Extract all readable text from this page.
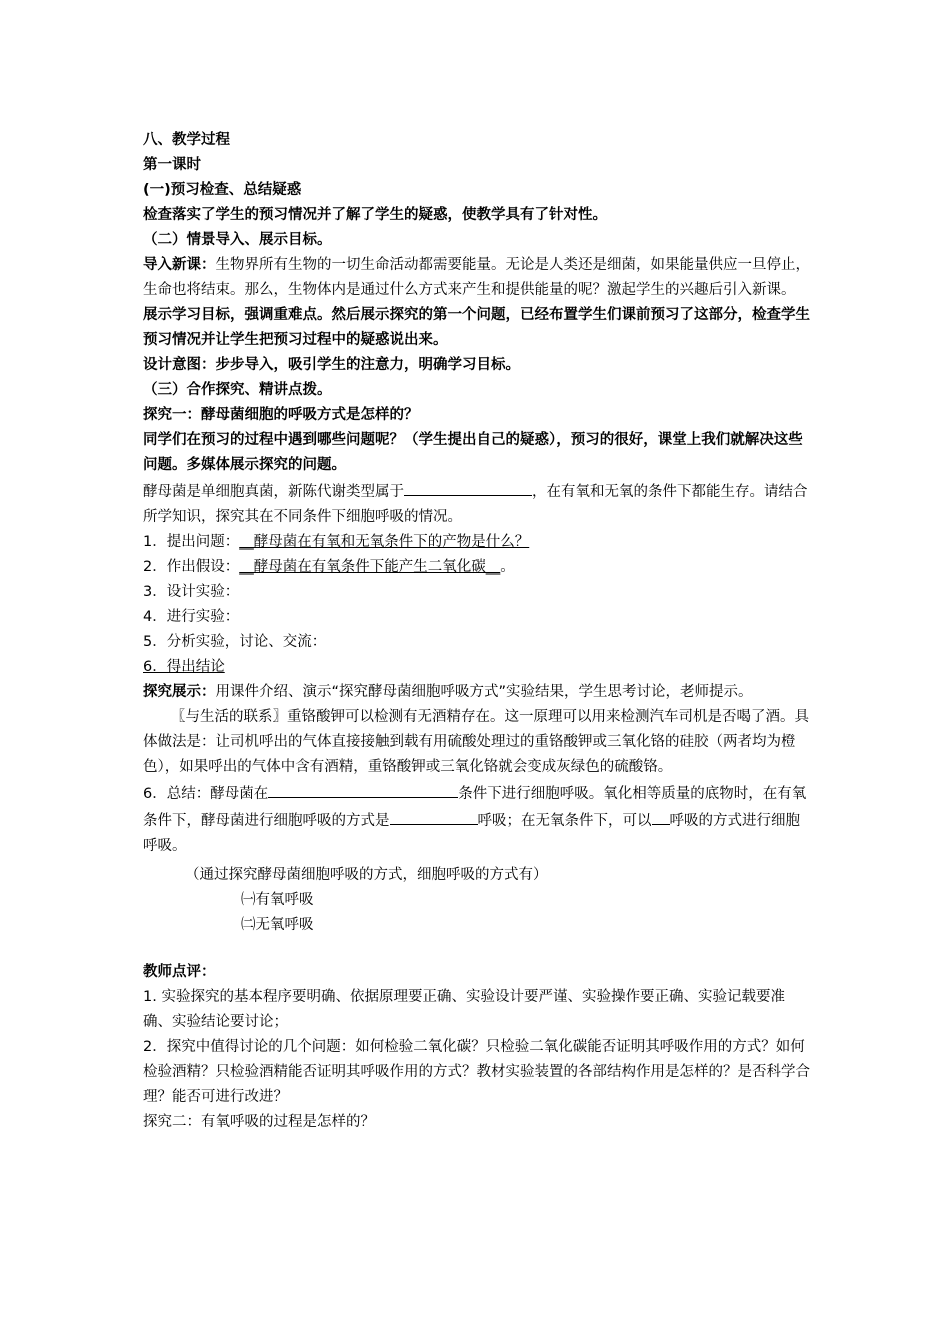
八、教学过程
第一课时
(一)预习检查、总结疑惑
检查落实了学生的预习情况并了解了学生的疑惑，使教学具有了针对性。
（二）情景导入、展示目标。
导入新课：生物界所有生物的一切生命活动都需要能量。无论是人类还是细菌，如果能量供应一旦停止，生命也将结束。那么，生物体内是通过什么方式来产生和提供能量的呢？激起学生的兴趣后引入新课。
展示学习目标，强调重难点。然后展示探究的第一个问题，已经布置学生们课前预习了这部分，检查学生预习情况并让学生把预习过程中的疑惑说出来。
设计意图：步步导入，吸引学生的注意力，明确学习目标。
（三）合作探究、精讲点拨。
探究一：酵母菌细胞的呼吸方式是怎样的？
同学们在预习的过程中遇到哪些问题呢？（学生提出自己的疑惑），预习的很好，课堂上我们就解决这些问题。多媒体展示探究的问题。
酵母菌是单细胞真菌，新陈代谢类型属于	，在有氧和无氧的条件下都能生存。请结合所学知识，探究其在不同条件下细胞呼吸的情况。
1．提出问题：__酵母菌在有氧和无氧条件下的产物是什么？
2．作出假设：__酵母菌在有氧条件下能产生二氧化碳__。
3．设计实验：
4．进行实验：
5．分析实验，讨论、交流：
6．得出结论
探究展示：用课件介绍、演示“探究酵母菌细胞呼吸方式”实验结果，学生思考讨论，老师提示。
〖与生活的联系〗重铬酸钾可以检测有无酒精存在。这一原理可以用来检测汽车司机是否喝了酒。具体做法是：让司机呼出的气体直接接触到载有用硫酸处理过的重铬酸钾或三氧化铬的硅胶（两者均为橙色），如果呼出的气体中含有酒精，重铬酸钾或三氧化铬就会变成灰绿色的硫酸铬。
6．总结：酵母菌在	条件下进行细胞呼吸。氧化相等质量的底物时，在有氧条件下，酵母菌进行细胞呼吸的方式是	呼吸；在无氧条件下，可以 呼吸的方式进行细胞呼吸。
（通过探究酵母菌细胞呼吸的方式，细胞呼吸的方式有）
㈠有氧呼吸
㈡无氧呼吸
教师点评：
1. 实验探究的基本程序要明确、依据原理要正确、实验设计要严谨、实验操作要正确、实验记载要准确、实验结论要讨论；
2．探究中值得讨论的几个问题：如何检验二氧化碳？只检验二氧化碳能否证明其呼吸作用的方式？如何检验酒精？只检验酒精能否证明其呼吸作用的方式？教材实验装置的各部结构作用是怎样的？是否科学合理？能否可进行改进？
探究二：有氧呼吸的过程是怎样的？
